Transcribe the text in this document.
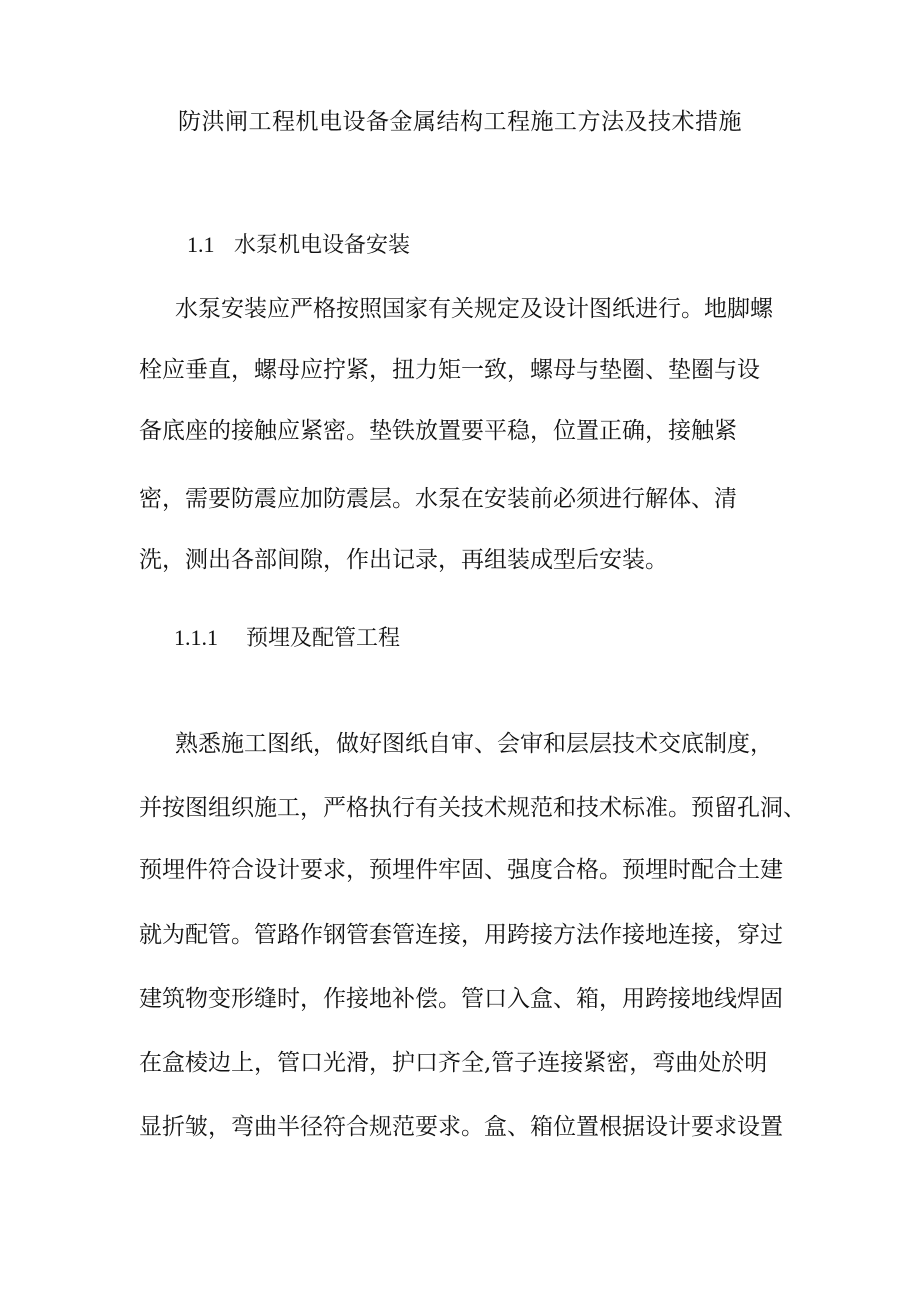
防洪闸工程机电设备金属结构工程施工方法及技术措施
1.1 水泵机电设备安装
水泵安装应严格按照国家有关规定及设计图纸进行。地脚螺
栓应垂直，螺母应拧紧，扭力矩一致，螺母与垫圈、垫圈与设
备底座的接触应紧密。垫铁放置要平稳，位置正确，接触紧
密，需要防震应加防震层。水泵在安装前必须进行解体、清
洗，测出各部间隙，作出记录，再组装成型后安装。
1.1.1 预埋及配管工程
熟悉施工图纸，做好图纸自审、会审和层层技术交底制度，
并按图组织施工，严格执行有关技术规范和技术标准。预留孔洞、
预埋件符合设计要求，预埋件牢固、强度合格。预埋时配合土建
就为配管。管路作钢管套管连接，用跨接方法作接地连接，穿过
建筑物变形缝时，作接地补偿。管口入盒、箱，用跨接地线焊固
在盒棱边上，管口光滑，护口齐全,管子连接紧密，弯曲处於明
显折皱，弯曲半径符合规范要求。盒、箱位置根据设计要求设置
